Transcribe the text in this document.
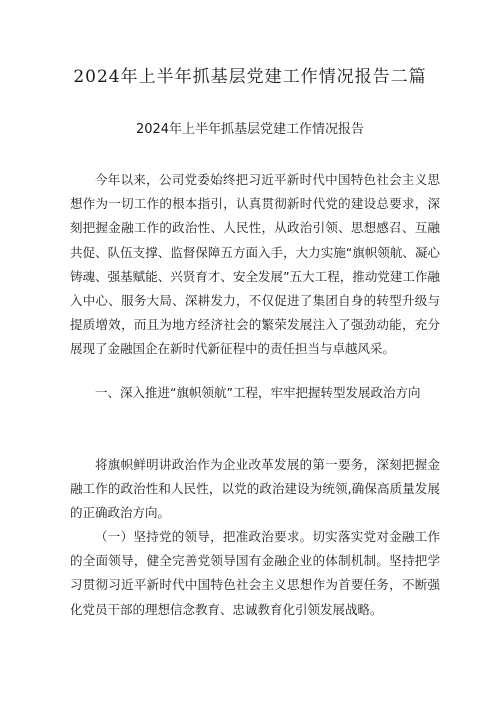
2024年上半年抓基层党建工作情况报告二篇
2024年上半年抓基层党建工作情况报告
今年以来，公司党委始终把习近平新时代中国特色社会主义思想作为一切工作的根本指引，认真贯彻新时代党的建设总要求，深刻把握金融工作的政治性、人民性，从政治引领、思想感召、互融共促、队伍支撑、监督保障五方面入手，大力实施“旗帜领航、凝心铸魂、强基赋能、兴贤育才、安全发展”五大工程，推动党建工作融入中心、服务大局、深耕发力，不仅促进了集团自身的转型升级与提质增效，而且为地方经济社会的繁荣发展注入了强劲动能，充分展现了金融国企在新时代新征程中的责任担当与卓越风采。
一、深入推进“旗帜领航”工程，牢牢把握转型发展政治方向
将旗帜鲜明讲政治作为企业改革发展的第一要务，深刻把握金融工作的政治性和人民性，以党的政治建设为统领,确保高质量发展的正确政治方向。
（一）坚持党的领导，把准政治要求。切实落实党对金融工作的全面领导，健全完善党领导国有金融企业的体制机制。坚持把学习贯彻习近平新时代中国特色社会主义思想作为首要任务，不断强化党员干部的理想信念教育、忠诚教育化引领发展战略。
